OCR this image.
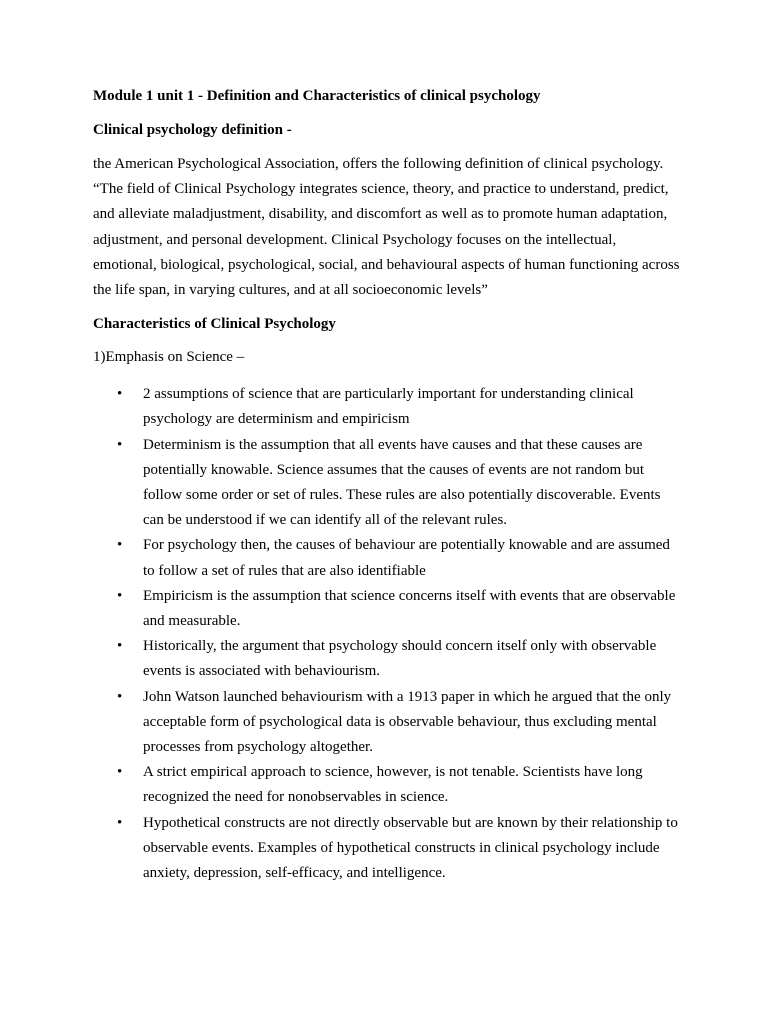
Module 1 unit 1 - Definition and Characteristics of clinical psychology

Clinical psychology definition -

the American Psychological Association, offers the following definition of clinical psychology. “The field of Clinical Psychology integrates science, theory, and practice to understand, predict, and alleviate maladjustment, disability, and discomfort as well as to promote human adaptation, adjustment, and personal development. Clinical Psychology focuses on the intellectual, emotional, biological, psychological, social, and behavioural aspects of human functioning across the life span, in varying cultures, and at all socioeconomic levels”

Characteristics of Clinical Psychology

1)Emphasis on Science –

• 2 assumptions of science that are particularly important for understanding clinical psychology are determinism and empiricism
• Determinism is the assumption that all events have causes and that these causes are potentially knowable. Science assumes that the causes of events are not random but follow some order or set of rules. These rules are also potentially discoverable. Events can be understood if we can identify all of the relevant rules.
• For psychology then, the causes of behaviour are potentially knowable and are assumed to follow a set of rules that are also identifiable
• Empiricism is the assumption that science concerns itself with events that are observable and measurable.
• Historically, the argument that psychology should concern itself only with observable events is associated with behaviourism.
• John Watson launched behaviourism with a 1913 paper in which he argued that the only acceptable form of psychological data is observable behaviour, thus excluding mental processes from psychology altogether.
• A strict empirical approach to science, however, is not tenable. Scientists have long recognized the need for nonobservables in science.
• Hypothetical constructs are not directly observable but are known by their relationship to observable events. Examples of hypothetical constructs in clinical psychology include anxiety, depression, self-efficacy, and intelligence.
